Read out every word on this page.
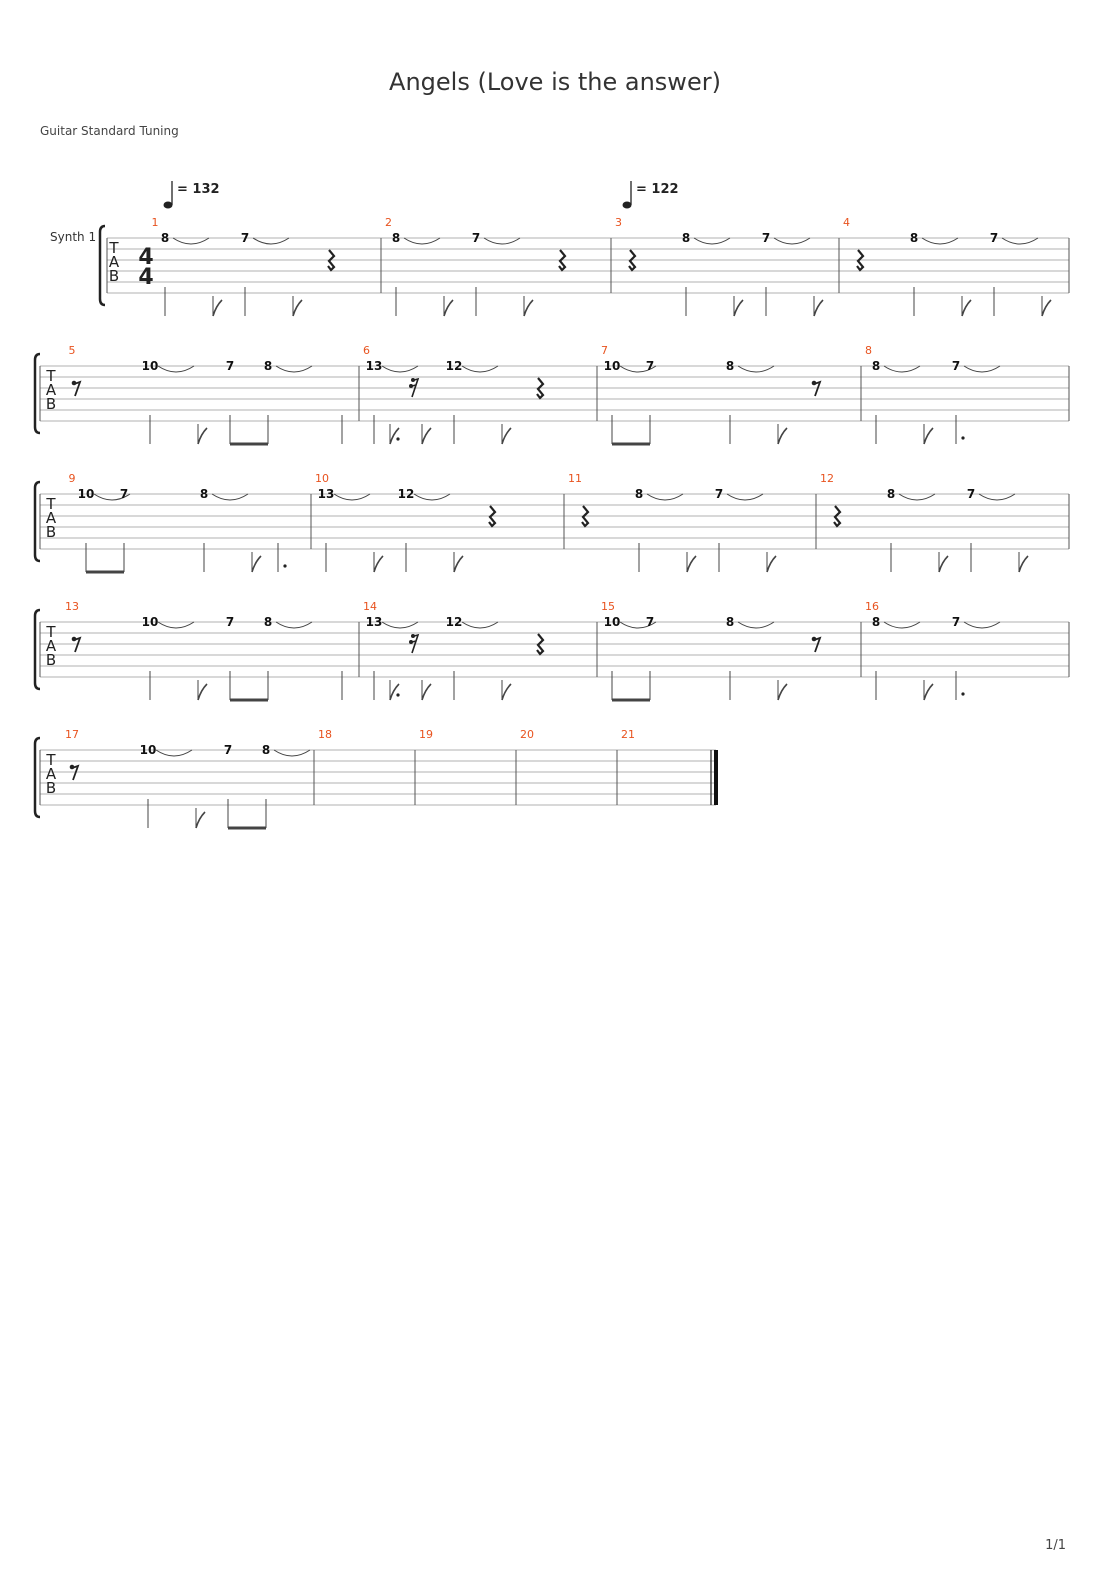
Angels (Love is the answer)
Guitar Standard Tuning
T
A
B
Synth 1
4
4
1
8	7
2
8	7
3
8	7
4
8	7
T
A
B
5
10	7 8
6
13	12
7
10 7	8
8
8	7
T
A
B
9
10 7	8
10
13	12
11
8	7
12
8	7
T
A
B
13
10	7 8
14
13	12
15
10 7	8
16
8	7
T
A
B
17
10	7 8
18	19	20	21
= 132	= 122
1/1
